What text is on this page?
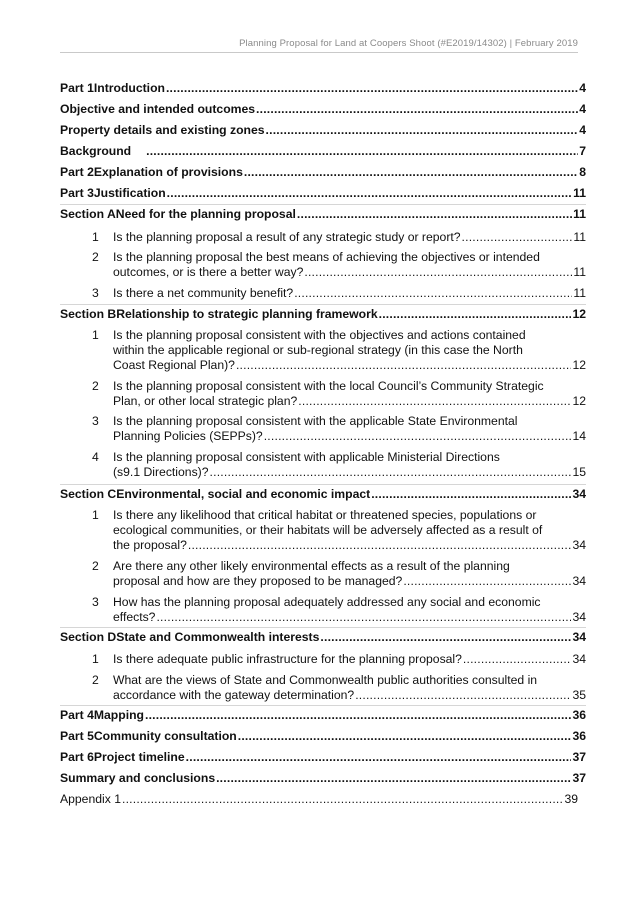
Planning Proposal for Land at Coopers Shoot (#E2019/14302) | February 2019
Part 1 Introduction .....	4
Objective and intended outcomes .....	4
Property details and existing zones .....	4
Background .....	7
Part 2 Explanation of provisions .....	8
Part 3 Justification .....	11
Section A Need for the planning proposal .....	11
1	Is the planning proposal a result of any strategic study or report? .....	11
2	Is the planning proposal the best means of achieving the objectives or intended
outcomes, or is there a better way? .....	11
3	Is there a net community benefit? .....	11
Section B Relationship to strategic planning framework .....	12
1	Is the planning proposal consistent with the objectives and actions contained
within the applicable regional or sub-regional strategy (in this case the North
Coast Regional Plan)? .....	12
2	Is the planning proposal consistent with the local Council’s Community Strategic
Plan, or other local strategic plan? .....	12
3	Is the planning proposal consistent with the applicable State Environmental
Planning Policies (SEPPs)? .....	14
4	Is the planning proposal consistent with applicable Ministerial Directions
(s9.1 Directions)? .....	15
Section C Environmental, social and economic impact .....	34
1	Is there any likelihood that critical habitat or threatened species, populations or
ecological communities, or their habitats will be adversely affected as a result of
the proposal? .....	34
2	Are there any other likely environmental effects as a result of the planning
proposal and how are they proposed to be managed? .....	34
3	How has the planning proposal adequately addressed any social and economic
effects? .....	34
Section D State and Commonwealth interests .....	34
1	Is there adequate public infrastructure for the planning proposal? .....	34
2	What are the views of State and Commonwealth public authorities consulted in
accordance with the gateway determination? .....	35
Part 4 Mapping .....	36
Part 5 Community consultation .....	36
Part 6 Project timeline .....	37
Summary and conclusions .....	37
Appendix 1 .....	39
